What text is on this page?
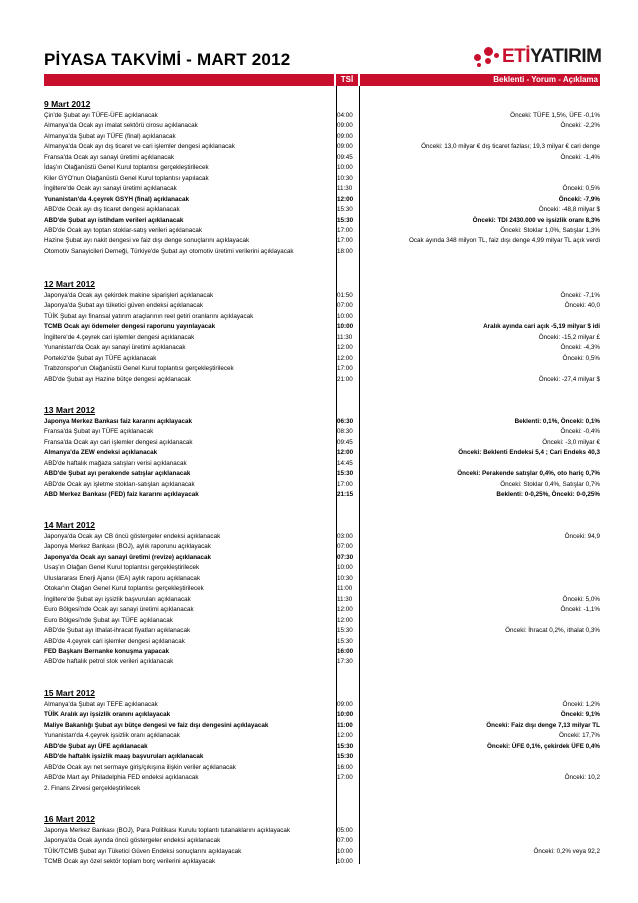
PİYASA TAKVİMİ - MART 2012	ETİYATIRIM
TSİ	Beklenti - Yorum - Açıklama
9 Mart 2012
Çin'de Şubat ayı TÜFE-ÜFE açıklanacak	04:00	Önceki: TÜFE 1,5%, ÜFE -0,1%
Almanya'da Ocak ayı imalat sektörü cirosu açıklanacak	09:00	Önceki: -2,2%
Almanya'da Şubat ayı TÜFE (final) açıklanacak	09:00
Almanya'da Ocak ayı dış ticaret ve cari işlemler dengesi açıklanacak	09:00	Önceki: 13,0 milyar € dış ticaret fazlası; 19,3 milyar € cari denge
Fransa'da Ocak ayı sanayi üretimi açıklanacak	09:45	Önceki: -1,4%
İdaş'ın Olağanüstü Genel Kurul toplantısı gerçekleştirilecek	10:00
Kiler GYO'nun Olağanüstü Genel Kurul toplantısı yapılacak	10:30
İngiltere'de Ocak ayı sanayi üretimi açıklanacak	11:30	Önceki: 0,5%
Yunanistan'da 4.çeyrek GSYH (final) açıklanacak	12:00	Önceki: -7,9%
ABD'de Ocak ayı dış ticaret dengesi açıklanacak	15:30	Önceki: -48,8 milyar $
ABD'de Şubat ayı istihdam verileri açıklanacak	15:30	Önceki: TDI 2430.000 ve işsizlik oranı 8,3%
ABD'de Ocak ayı toptan stoklar-satış verileri açıklanacak	17:00	Önceki: Stoklar 1,0%, Satışlar 1,3%
Hazine Şubat ayı nakit dengesi ve faiz dışı denge sonuçlarını açıklayacak	17:00	Ocak ayında 348 milyon TL, faiz dışı denge 4,99 milyar TL açık verdi
Otomotiv Sanayicileri Derneği, Türkiye'de Şubat ayı otomotiv üretimi verilerini açıklayacak	18:00
12 Mart 2012
Japonya'da Ocak ayı çekirdek makine siparişleri açıklanacak	01:50	Önceki: -7,1%
Japonya'da Şubat ayı tüketici güven endeksi açıklanacak	07:00	Önceki: 40,0
TÜİK Şubat ayı finansal yatırım araçlarının reel getiri oranlarını açıklayacak	10:00
TCMB Ocak ayı ödemeler dengesi raporunu yayınlayacak	10:00	Aralık ayında cari açık -5,19 milyar $ idi
İngiltere'de 4.çeyrek cari işlemler dengesi açıklanacak	11:30	Önceki: -15,2 milyar £
Yunanistan'da Ocak ayı sanayi üretimi açıklanacak	12:00	Önceki: -4,3%
Portekiz'de Şubat ayı TÜFE açıklanacak	12:00	Önceki: 0,5%
Trabzonspor'un Olağanüstü Genel Kurul toplantısı gerçekleştirilecek	17:00
ABD'de Şubat ayı Hazine bütçe dengesi açıklanacak	21:00	Önceki: -27,4 milyar $
13 Mart 2012
Japonya Merkez Bankası faiz kararını açıklayacak	06:30	Beklenti: 0,1%, Önceki: 0,1%
Fransa'da Şubat ayı TÜFE açıklanacak	08:30	Önceki: -0,4%
Fransa'da Ocak ayı cari işlemler dengesi açıklanacak	09:45	Önceki: -3,0 milyar €
Almanya'da ZEW endeksi açıklanacak	12:00	Önceki: Beklenti Endeksi 5,4 ; Cari Endeks 40,3
ABD'de haftalık mağaza satışları verisi açıklanacak	14:45
ABD'de Şubat ayı perakende satışlar açıklanacak	15:30	Önceki: Perakende satışlar 0,4%, oto hariç 0,7%
ABD'de Ocak ayı işletme stokları-satışları açıklanacak	17:00	Önceki: Stoklar 0,4%, Satışlar 0,7%
ABD Merkez Bankası (FED) faiz kararını açıklayacak	21:15	Beklenti: 0-0,25%, Önceki: 0-0,25%
14 Mart 2012
Japonya'da Ocak ayı CB öncü göstergeler endeksi açıklanacak	03:00	Önceki: 94,9
Japonya Merkez Bankası (BOJ), aylık raporunu açıklayacak	07:00
Japonya'da Ocak ayı sanayi üretimi (revize) açıklanacak	07:30
Usaş'ın Olağan Genel Kurul toplantısı gerçekleştirilecek	10:00
Uluslararası Enerji Ajansı (IEA) aylık raporu açıklanacak	10:30
Otokar'ın Olağan Genel Kurul toplantısı gerçekleştirilecek	11:00
İngiltere'de Şubat ayı işsizlik başvuruları açıklanacak	11:30	Önceki: 5,0%
Euro Bölgesi'nde Ocak ayı sanayi üretimi açıklanacak	12:00	Önceki: -1,1%
Euro Bölgesi'nde Şubat ayı TÜFE açıklanacak	12:00
ABD'de Şubat ayı ithalat-ihracat fiyatları açıklanacak	15:30	Önceki: İhracat 0,2%, ithalat 0,3%
ABD'de 4.çeyrek cari işlemler dengesi açıklanacak	15:30
FED Başkanı Bernanke konuşma yapacak	16:00
ABD'de haftalık petrol stok verileri açıklanacak	17:30
15 Mart 2012
Almanya'da Şubat ayı TEFE açıklanacak	09:00	Önceki: 1,2%
TÜİK Aralık ayı işsizlik oranını açıklayacak	10:00	Önceki: 9,1%
Maliye Bakanlığı Şubat ayı bütçe dengesi ve faiz dışı dengesini açıklayacak	11:00	Önceki: Faiz dışı denge 7,13 milyar TL
Yunanistan'da 4.çeyrek işsizlik oranı açıklanacak	12:00	Önceki: 17,7%
ABD'de Şubat ayı ÜFE açıklanacak	15:30	Önceki: ÜFE 0,1%, çekirdek ÜFE 0,4%
ABD'de haftalık işsizlik maaş başvuruları açıklanacak	15:30
ABD'de Ocak ayı net sermaye giriş/çıkışına ilişkin veriler açıklanacak	16:00
ABD'de Mart ayı Philadelphia FED endeksi açıklanacak	17:00	Önceki: 10,2
2. Finans Zirvesi gerçekleştirilecek
16 Mart 2012
Japonya Merkez Bankası (BOJ), Para Politikası Kurulu toplantı tutanaklarını açıklayacak	05:00
Japonya'da Ocak ayında öncü göstergeler endeksi açıklanacak	07:00
TÜİK/TCMB Şubat ayı Tüketici Güven Endeksi sonuçlarını açıklayacak	10:00	Önceki: 0,2% veya 92,2
TCMB Ocak ayı özel sektör toplam borç verilerini açıklayacak	10:00
